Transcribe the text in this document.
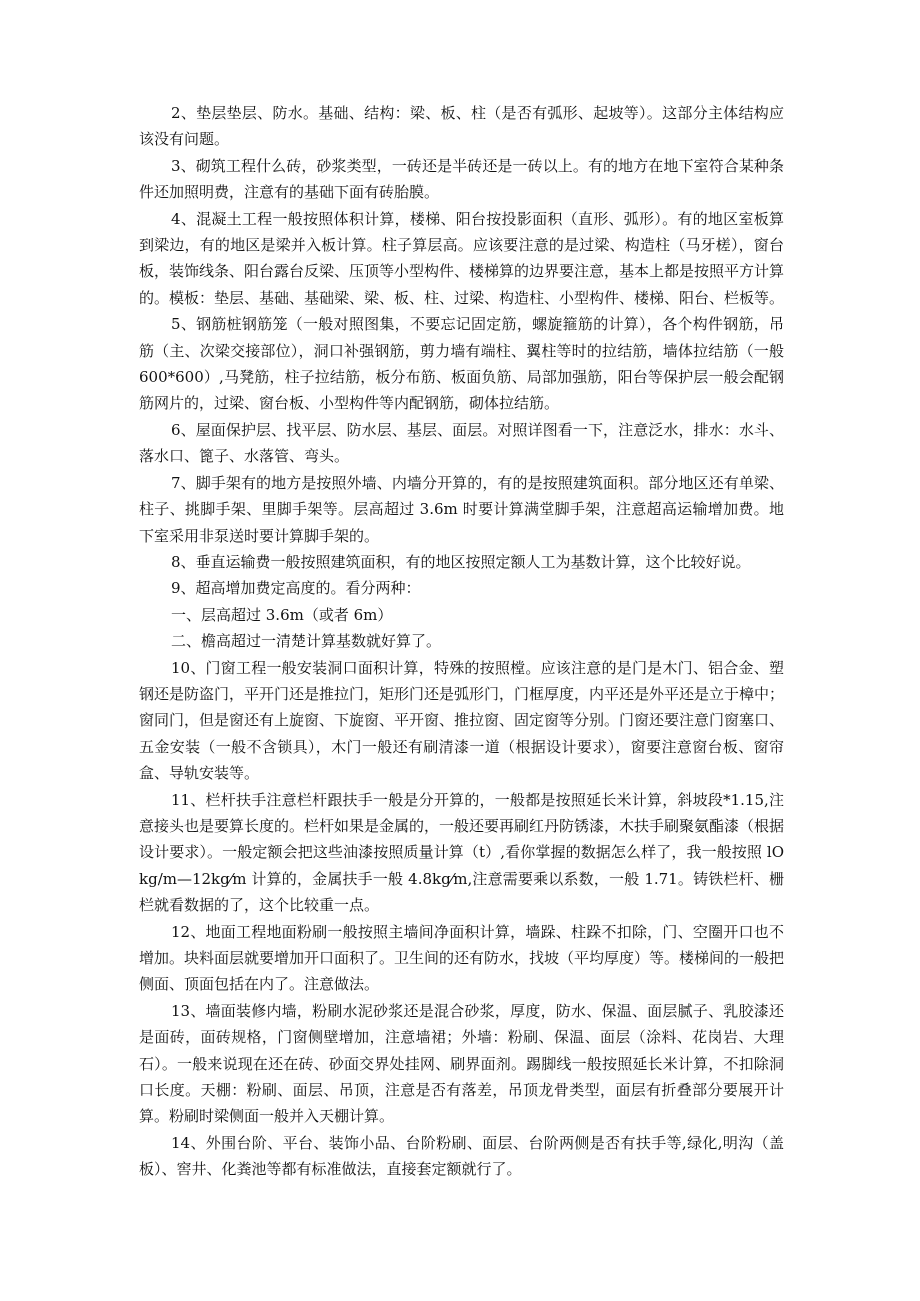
2、垫层垫层、防水。基础、结构：梁、板、柱（是否有弧形、起坡等）。这部分主体结构应该没有问题。

3、砌筑工程什么砖，砂浆类型，一砖还是半砖还是一砖以上。有的地方在地下室符合某种条件还加照明费，注意有的基础下面有砖胎膜。

4、混凝土工程一般按照体积计算，楼梯、阳台按投影面积（直形、弧形）。有的地区室板算到梁边，有的地区是梁并入板计算。柱子算层高。应该要注意的是过梁、构造柱（马牙槎），窗台板，装饰线条、阳台露台反梁、压顶等小型构件、楼梯算的边界要注意，基本上都是按照平方计算的。模板：垫层、基础、基础梁、梁、板、柱、过梁、构造柱、小型构件、楼梯、阳台、栏板等。

5、钢筋桩钢筋笼（一般对照图集，不要忘记固定筋，螺旋箍筋的计算），各个构件钢筋，吊筋（主、次梁交接部位），洞口补强钢筋，剪力墙有端柱、翼柱等时的拉结筋，墙体拉结筋（一般 600*600）,马凳筋，柱子拉结筋，板分布筋、板面负筋、局部加强筋，阳台等保护层一般会配钢筋网片的，过梁、窗台板、小型构件等内配钢筋，砌体拉结筋。

6、屋面保护层、找平层、防水层、基层、面层。对照详图看一下，注意泛水，排水：水斗、落水口、篦子、水落管、弯头。

7、脚手架有的地方是按照外墙、内墙分开算的，有的是按照建筑面积。部分地区还有单梁、柱子、挑脚手架、里脚手架等。层高超过 3.6m 时要计算满堂脚手架，注意超高运输增加费。地下室采用非泵送时要计算脚手架的。

8、垂直运输费一般按照建筑面积，有的地区按照定额人工为基数计算，这个比较好说。

9、超高增加费定高度的。看分两种：

一、层高超过 3.6m（或者 6m）

二、檐高超过一清楚计算基数就好算了。

10、门窗工程一般安装洞口面积计算，特殊的按照樘。应该注意的是门是木门、铝合金、塑钢还是防盗门，平开门还是推拉门，矩形门还是弧形门，门框厚度，内平还是外平还是立于樟中；窗同门，但是窗还有上旋窗、下旋窗、平开窗、推拉窗、固定窗等分别。门窗还要注意门窗塞口、五金安装（一般不含锁具），木门一般还有刷清漆一道（根据设计要求），窗要注意窗台板、窗帘盒、导轨安装等。

11、栏杆扶手注意栏杆跟扶手一般是分开算的，一般都是按照延长米计算，斜坡段*1.15,注意接头也是要算长度的。栏杆如果是金属的，一般还要再刷红丹防锈漆，木扶手刷聚氨酯漆（根据设计要求）。一般定额会把这些油漆按照质量计算（t）,看你掌握的数据怎么样了，我一般按照 lOkg/m—12kg⁄m 计算的，金属扶手一般 4.8kg⁄m,注意需要乘以系数，一般 1.71。铸铁栏杆、栅栏就看数据的了，这个比较重一点。

12、地面工程地面粉刷一般按照主墙间净面积计算，墙跺、柱跺不扣除，门、空圈开口也不增加。块料面层就要增加开口面积了。卫生间的还有防水，找坡（平均厚度）等。楼梯间的一般把侧面、顶面包括在内了。注意做法。

13、墙面装修内墙，粉刷水泥砂浆还是混合砂浆，厚度，防水、保温、面层腻子、乳胶漆还是面砖，面砖规格，门窗侧壁增加，注意墙裙；外墙：粉刷、保温、面层（涂料、花岗岩、大理石）。一般来说现在还在砖、砂面交界处挂网、刷界面剂。踢脚线一般按照延长米计算，不扣除洞口长度。天棚：粉刷、面层、吊顶，注意是否有落差，吊顶龙骨类型，面层有折叠部分要展开计算。粉刷时梁侧面一般并入天棚计算。

14、外围台阶、平台、装饰小品、台阶粉刷、面层、台阶两侧是否有扶手等,绿化,明沟（盖板）、窖井、化粪池等都有标准做法，直接套定额就行了。
